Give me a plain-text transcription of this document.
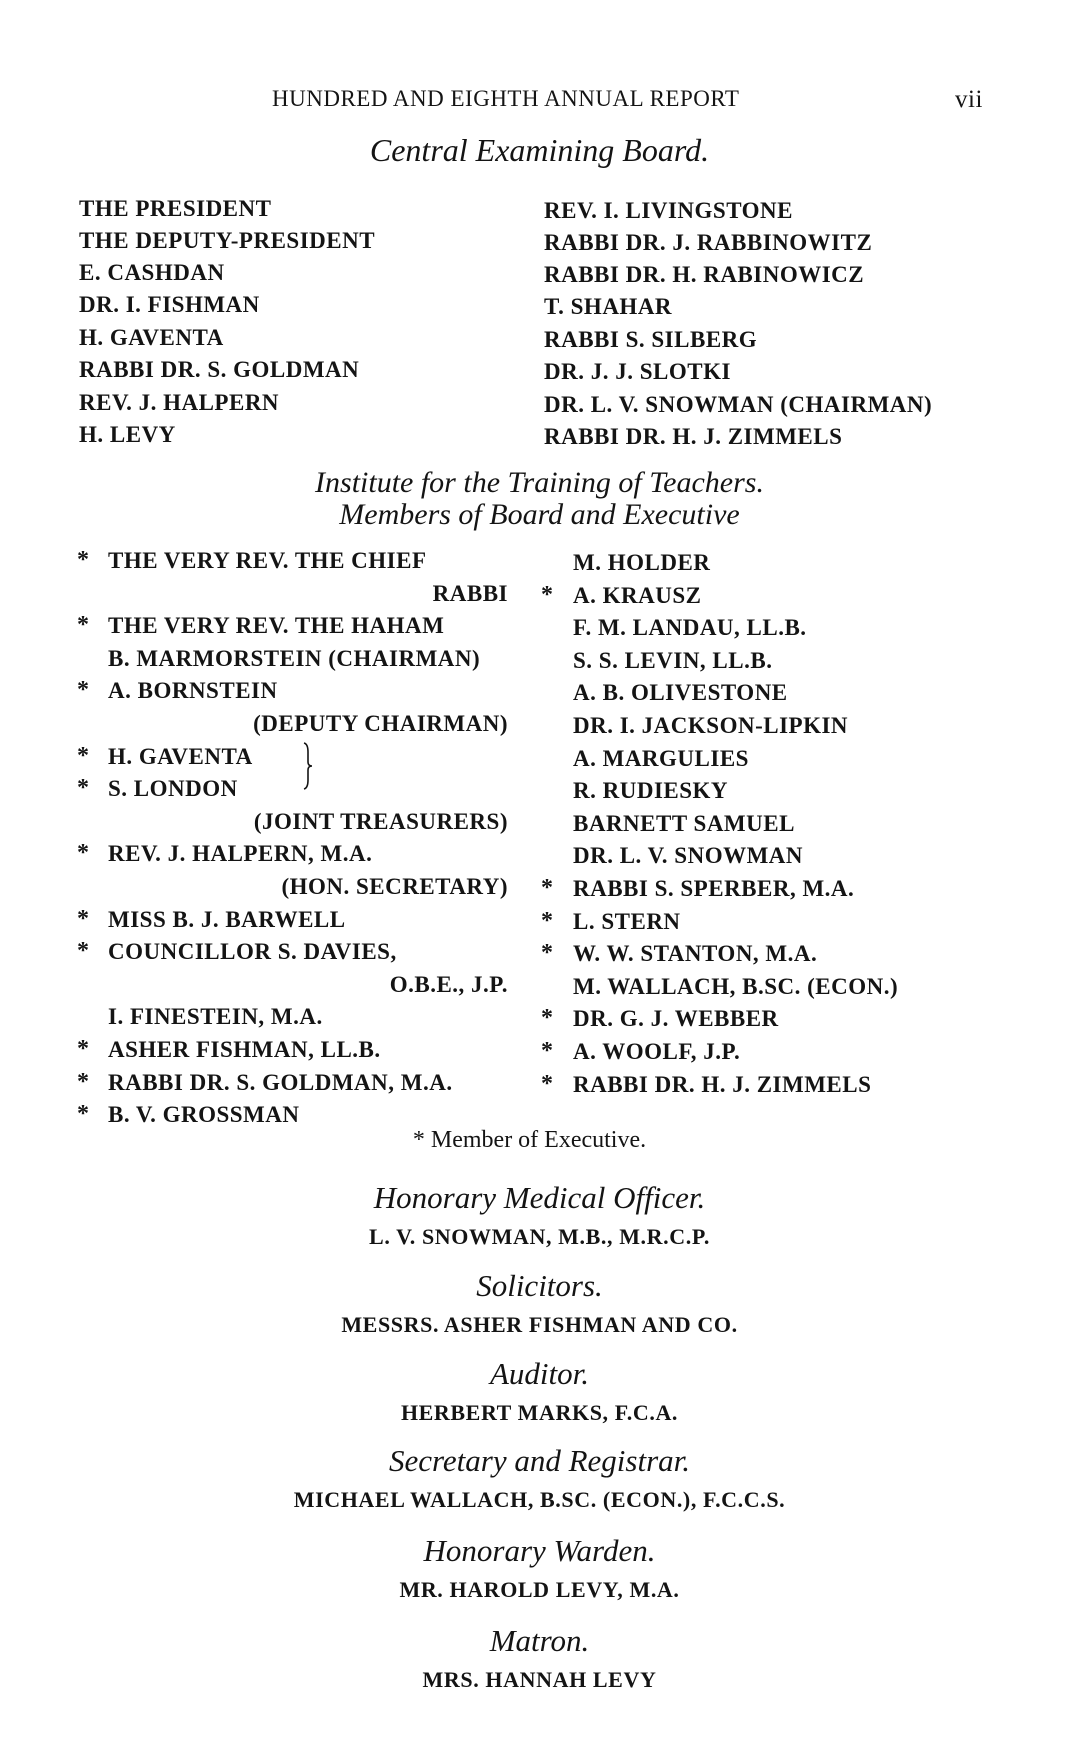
HUNDRED AND EIGHTH ANNUAL REPORT	vii
Central Examining Board.
THE PRESIDENT
THE DEPUTY-PRESIDENT
E. CASHDAN
DR. I. FISHMAN
H. GAVENTA
RABBI DR. S. GOLDMAN
REV. J. HALPERN
H. LEVY
REV. I. LIVINGSTONE
RABBI DR. J. RABBINOWITZ
RABBI DR. H. RABINOWICZ
T. SHAHAR
RABBI S. SILBERG
DR. J. J. SLOTKI
DR. L. V. SNOWMAN (CHAIRMAN)
RABBI DR. H. J. ZIMMELS
Institute for the Training of Teachers.
Members of Board and Executive
* THE VERY REV. THE CHIEF
RABBI
* THE VERY REV. THE HAHAM
B. MARMORSTEIN (CHAIRMAN)
* A. BORNSTEIN
(DEPUTY CHAIRMAN)
* H. GAVENTA
* S. LONDON
(JOINT TREASURERS)
* REV. J. HALPERN, M.A.
(HON. SECRETARY)
* MISS B. J. BARWELL
* COUNCILLOR S. DAVIES,
O.B.E., J.P.
I. FINESTEIN, M.A.
* ASHER FISHMAN, LL.B.
* RABBI DR. S. GOLDMAN, M.A.
* B. V. GROSSMAN
M. HOLDER
* A. KRAUSZ
F. M. LANDAU, LL.B.
S. S. LEVIN, LL.B.
A. B. OLIVESTONE
DR. I. JACKSON-LIPKIN
A. MARGULIES
R. RUDIESKY
BARNETT SAMUEL
DR. L. V. SNOWMAN
* RABBI S. SPERBER, M.A.
* L. STERN
* W. W. STANTON, M.A.
M. WALLACH, B.SC. (ECON.)
* DR. G. J. WEBBER
* A. WOOLF, J.P.
* RABBI DR. H. J. ZIMMELS
* Member of Executive.
Honorary Medical Officer.
L. V. SNOWMAN, M.B., M.R.C.P.
Solicitors.
MESSRS. ASHER FISHMAN AND CO.
Auditor.
HERBERT MARKS, F.C.A.
Secretary and Registrar.
MICHAEL WALLACH, B.SC. (ECON.), F.C.C.S.
Honorary Warden.
MR. HAROLD LEVY, M.A.
Matron.
MRS. HANNAH LEVY
